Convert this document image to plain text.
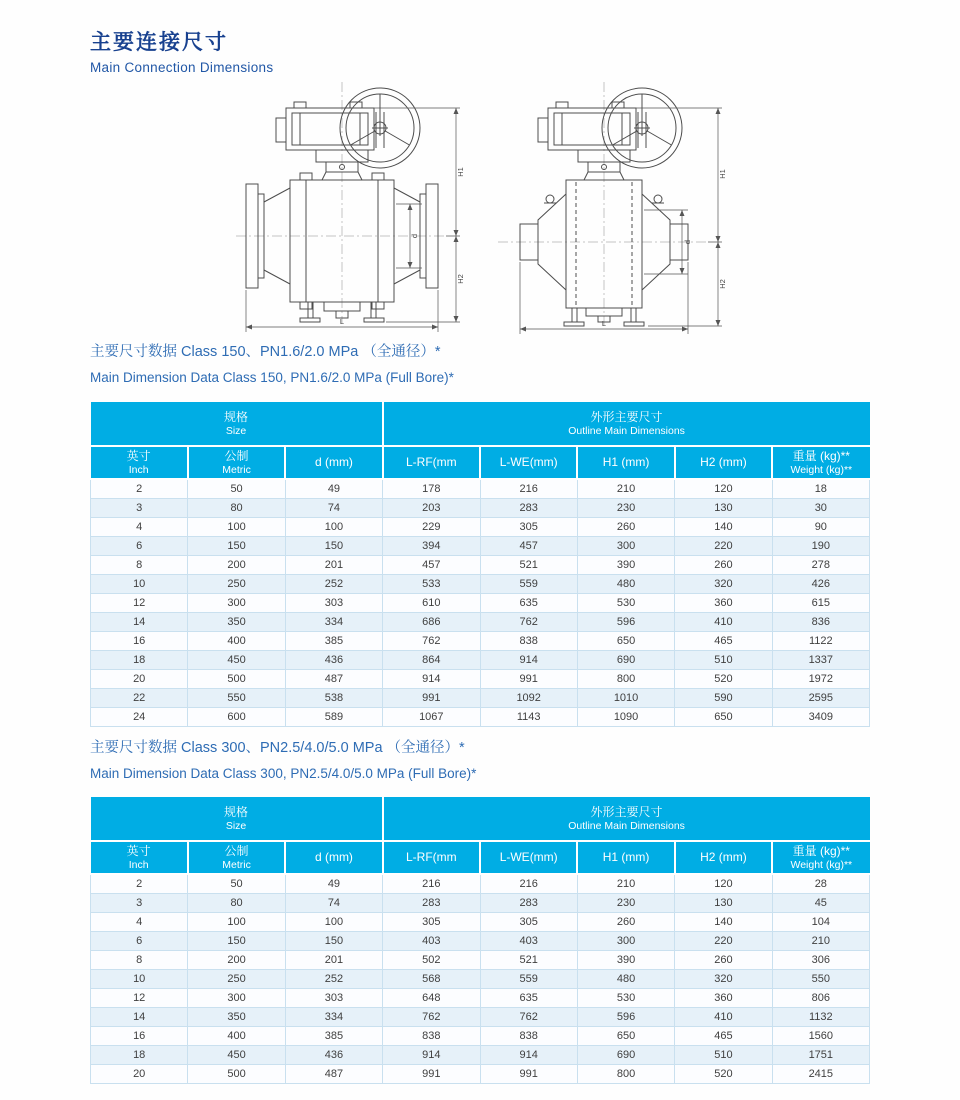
主要连接尺寸
Main Connection Dimensions
H1
d
H2
L
H1
d
H2
L
主要尺寸数据 Class 150、PN1.6/2.0 MPa （全通径）*
Main Dimension Data Class 150, PN1.6/2.0 MPa (Full Bore)*
规格
Size			外形主要尺寸
Outline Main Dimensions				

英寸
Inch	公制
Metric	d (mm)	L-RF(mm	L-WE(mm)	H1 (mm)	H2 (mm)	重量 (kg)**
Weight (kg)**

2	50	49	178	216	210	120	18
3	80	74	203	283	230	130	30
4	100	100	229	305	260	140	90
6	150	150	394	457	300	220	190
8	200	201	457	521	390	260	278
10	250	252	533	559	480	320	426
12	300	303	610	635	530	360	615
14	350	334	686	762	596	410	836
16	400	385	762	838	650	465	1122
18	450	436	864	914	690	510	1337
20	500	487	914	991	800	520	1972
22	550	538	991	1092	1010	590	2595
24	600	589	1067	1143	1090	650	3409
主要尺寸数据 Class 300、PN2.5/4.0/5.0 MPa （全通径）*
Main Dimension Data Class 300, PN2.5/4.0/5.0 MPa (Full Bore)*
规格
Size			外形主要尺寸
Outline Main Dimensions				

英寸
Inch	公制
Metric	d (mm)	L-RF(mm	L-WE(mm)	H1 (mm)	H2 (mm)	重量 (kg)**
Weight (kg)**

2	50	49	216	216	210	120	28
3	80	74	283	283	230	130	45
4	100	100	305	305	260	140	104
6	150	150	403	403	300	220	210
8	200	201	502	521	390	260	306
10	250	252	568	559	480	320	550
12	300	303	648	635	530	360	806
14	350	334	762	762	596	410	1132
16	400	385	838	838	650	465	1560
18	450	436	914	914	690	510	1751
20	500	487	991	991	800	520	2415
